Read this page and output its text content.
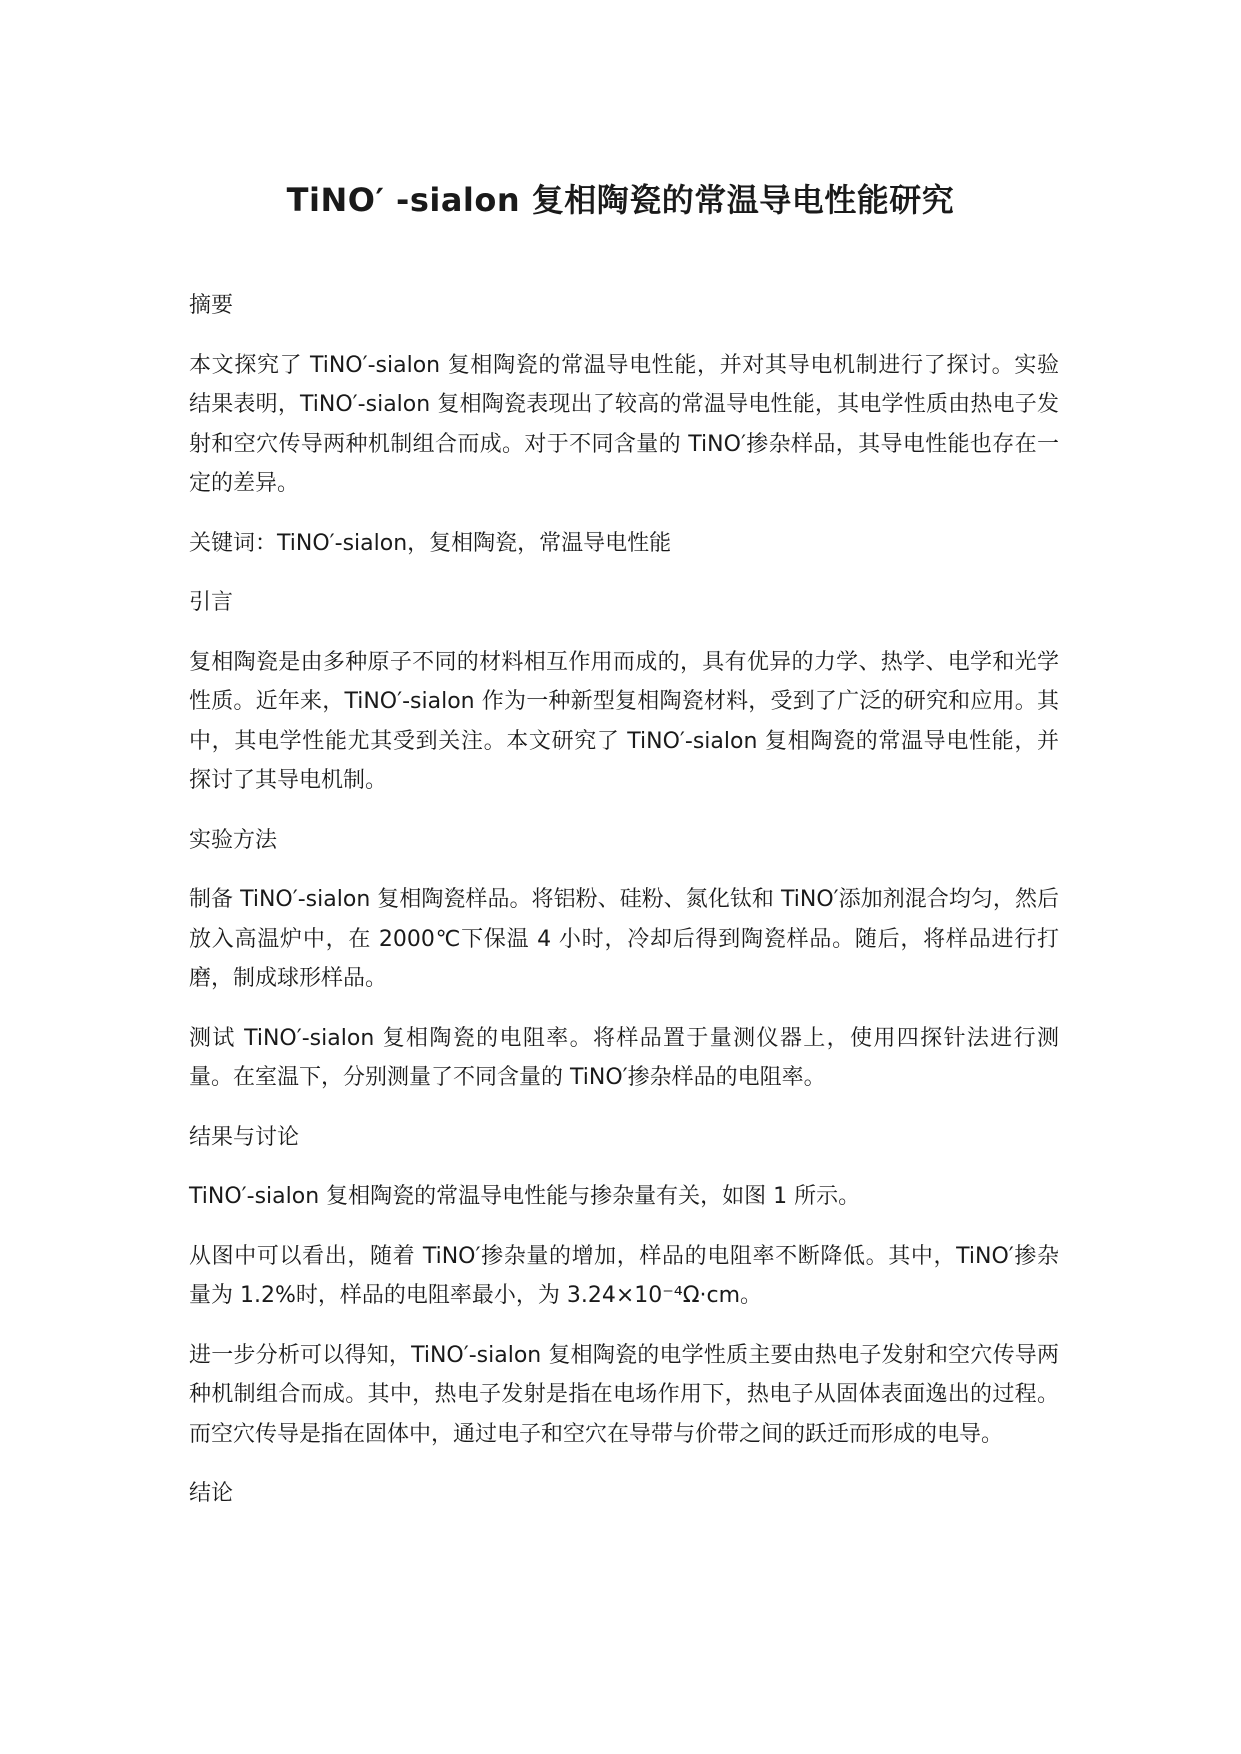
TiNO′ -sialon 复相陶瓷的常温导电性能研究
摘要

本文探究了 TiNO′-sialon 复相陶瓷的常温导电性能，并对其导电机制进行了探讨。实验结果表明，TiNO′-sialon 复相陶瓷表现出了较高的常温导电性能，其电学性质由热电子发射和空穴传导两种机制组合而成。对于不同含量的 TiNO′掺杂样品，其导电性能也存在一定的差异。

关键词：TiNO′-sialon，复相陶瓷，常温导电性能

引言

复相陶瓷是由多种原子不同的材料相互作用而成的，具有优异的力学、热学、电学和光学性质。近年来，TiNO′-sialon 作为一种新型复相陶瓷材料，受到了广泛的研究和应用。其中，其电学性能尤其受到关注。本文研究了 TiNO′-sialon 复相陶瓷的常温导电性能，并探讨了其导电机制。

实验方法

制备 TiNO′-sialon 复相陶瓷样品。将铝粉、硅粉、氮化钛和 TiNO′添加剂混合均匀，然后放入高温炉中，在 2000℃下保温 4 小时，冷却后得到陶瓷样品。随后，将样品进行打磨，制成球形样品。

测试 TiNO′-sialon 复相陶瓷的电阻率。将样品置于量测仪器上，使用四探针法进行测量。在室温下，分别测量了不同含量的 TiNO′掺杂样品的电阻率。

结果与讨论

TiNO′-sialon 复相陶瓷的常温导电性能与掺杂量有关，如图 1 所示。

从图中可以看出，随着 TiNO′掺杂量的增加，样品的电阻率不断降低。其中，TiNO′掺杂量为 1.2%时，样品的电阻率最小，为 3.24×10⁻⁴Ω·cm。

进一步分析可以得知，TiNO′-sialon 复相陶瓷的电学性质主要由热电子发射和空穴传导两种机制组合而成。其中，热电子发射是指在电场作用下，热电子从固体表面逸出的过程。而空穴传导是指在固体中，通过电子和空穴在导带与价带之间的跃迁而形成的电导。

结论
